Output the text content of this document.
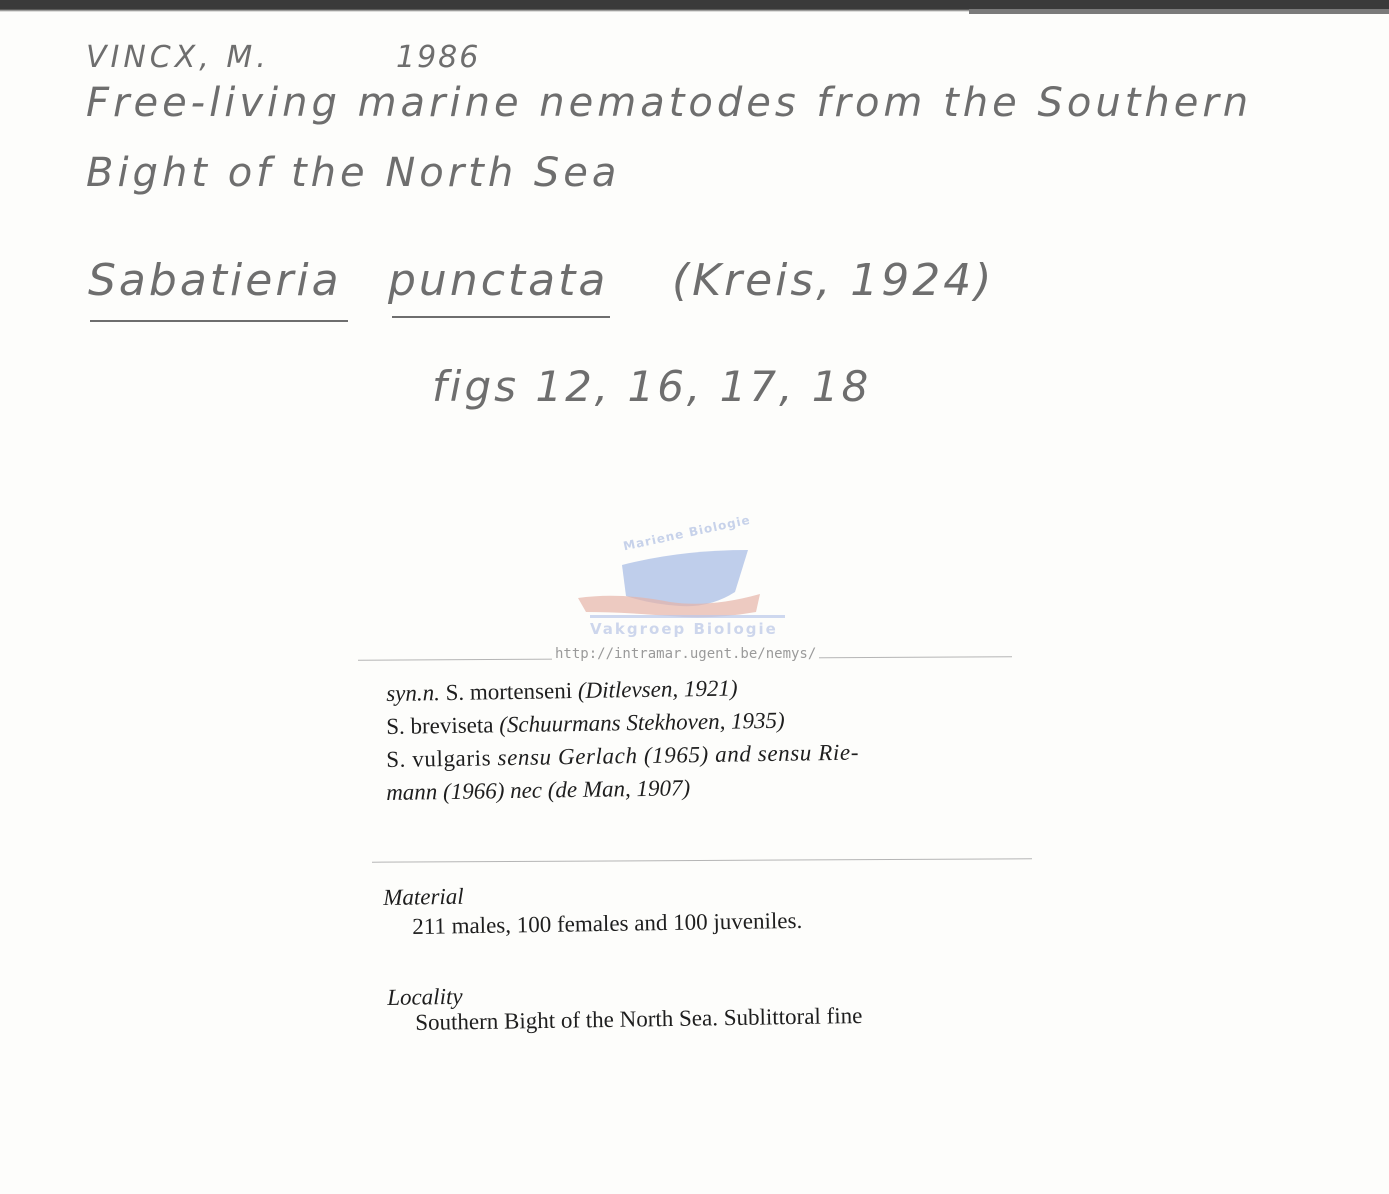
VINCX, M.	1986
Free-living marine nematodes from the Southern
Bight of the North Sea
Sabatieria punctata (Kreis, 1924)
figs 12, 16, 17, 18
Mariene Biologie
Vakgroep Biologie
http://intramar.ugent.be/nemys/
syn.n. S. mortenseni (Ditlevsen, 1921)
S. breviseta (Schuurmans Stekhoven, 1935)
S. vulgaris sensu Gerlach (1965) and sensu Rie-
mann (1966) nec (de Man, 1907)
Material
211 males, 100 females and 100 juveniles.
Locality
Southern Bight of the North Sea. Sublittoral fine
